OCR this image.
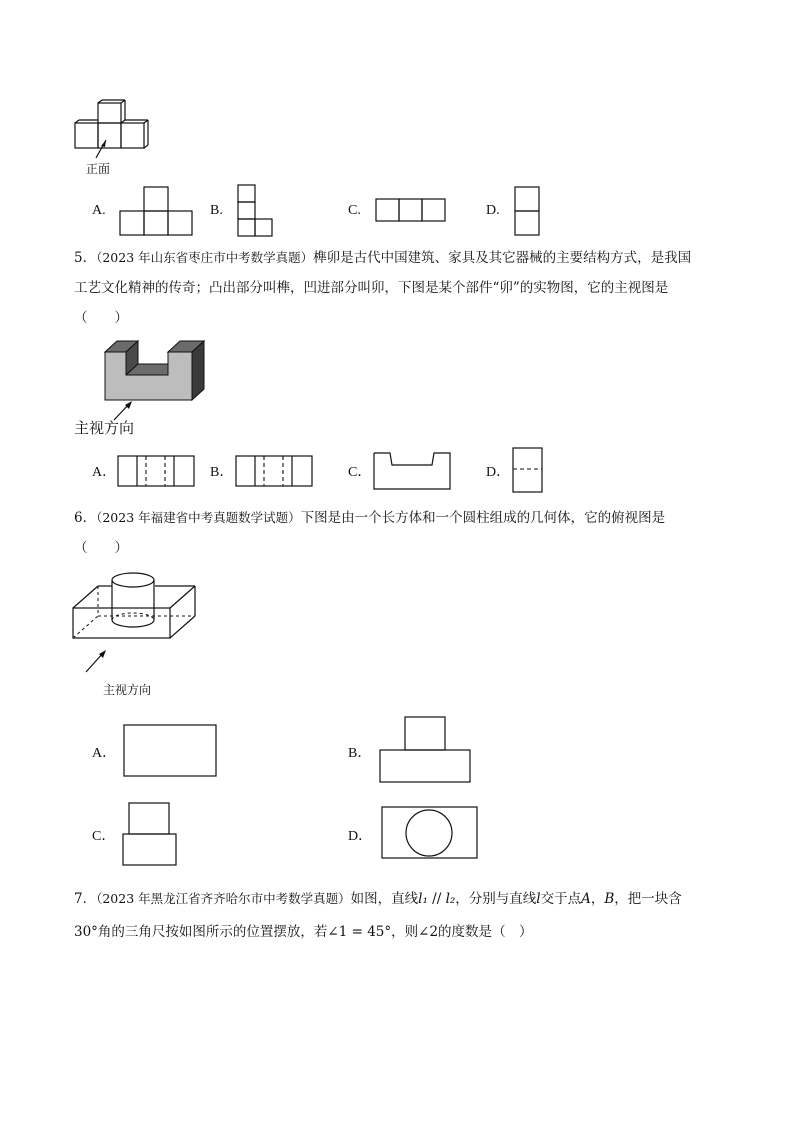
正面
A.	B.	C.	D.
5．（2023 年山东省枣庄市中考数学真题）榫卯是古代中国建筑、家具及其它器械的主要结构方式，是我国
工艺文化精神的传奇；凸出部分叫榫，凹进部分叫卯，下图是某个部件“卯”的实物图，它的主视图是
（　　）
主视方向
A．	B．	C．	D．
6．（2023 年福建省中考真题数学试题）下图是由一个长方体和一个圆柱组成的几何体，它的俯视图是
（　　）
主视方向
A．	B．
C．	D．
7．（2023 年黑龙江省齐齐哈尔市中考数学真题）如图，直线l₁ // l₂，分别与直线l交于点A，B，把一块含
30°角的三角尺按如图所示的位置摆放，若∠1 = 45°，则∠2的度数是（　）
